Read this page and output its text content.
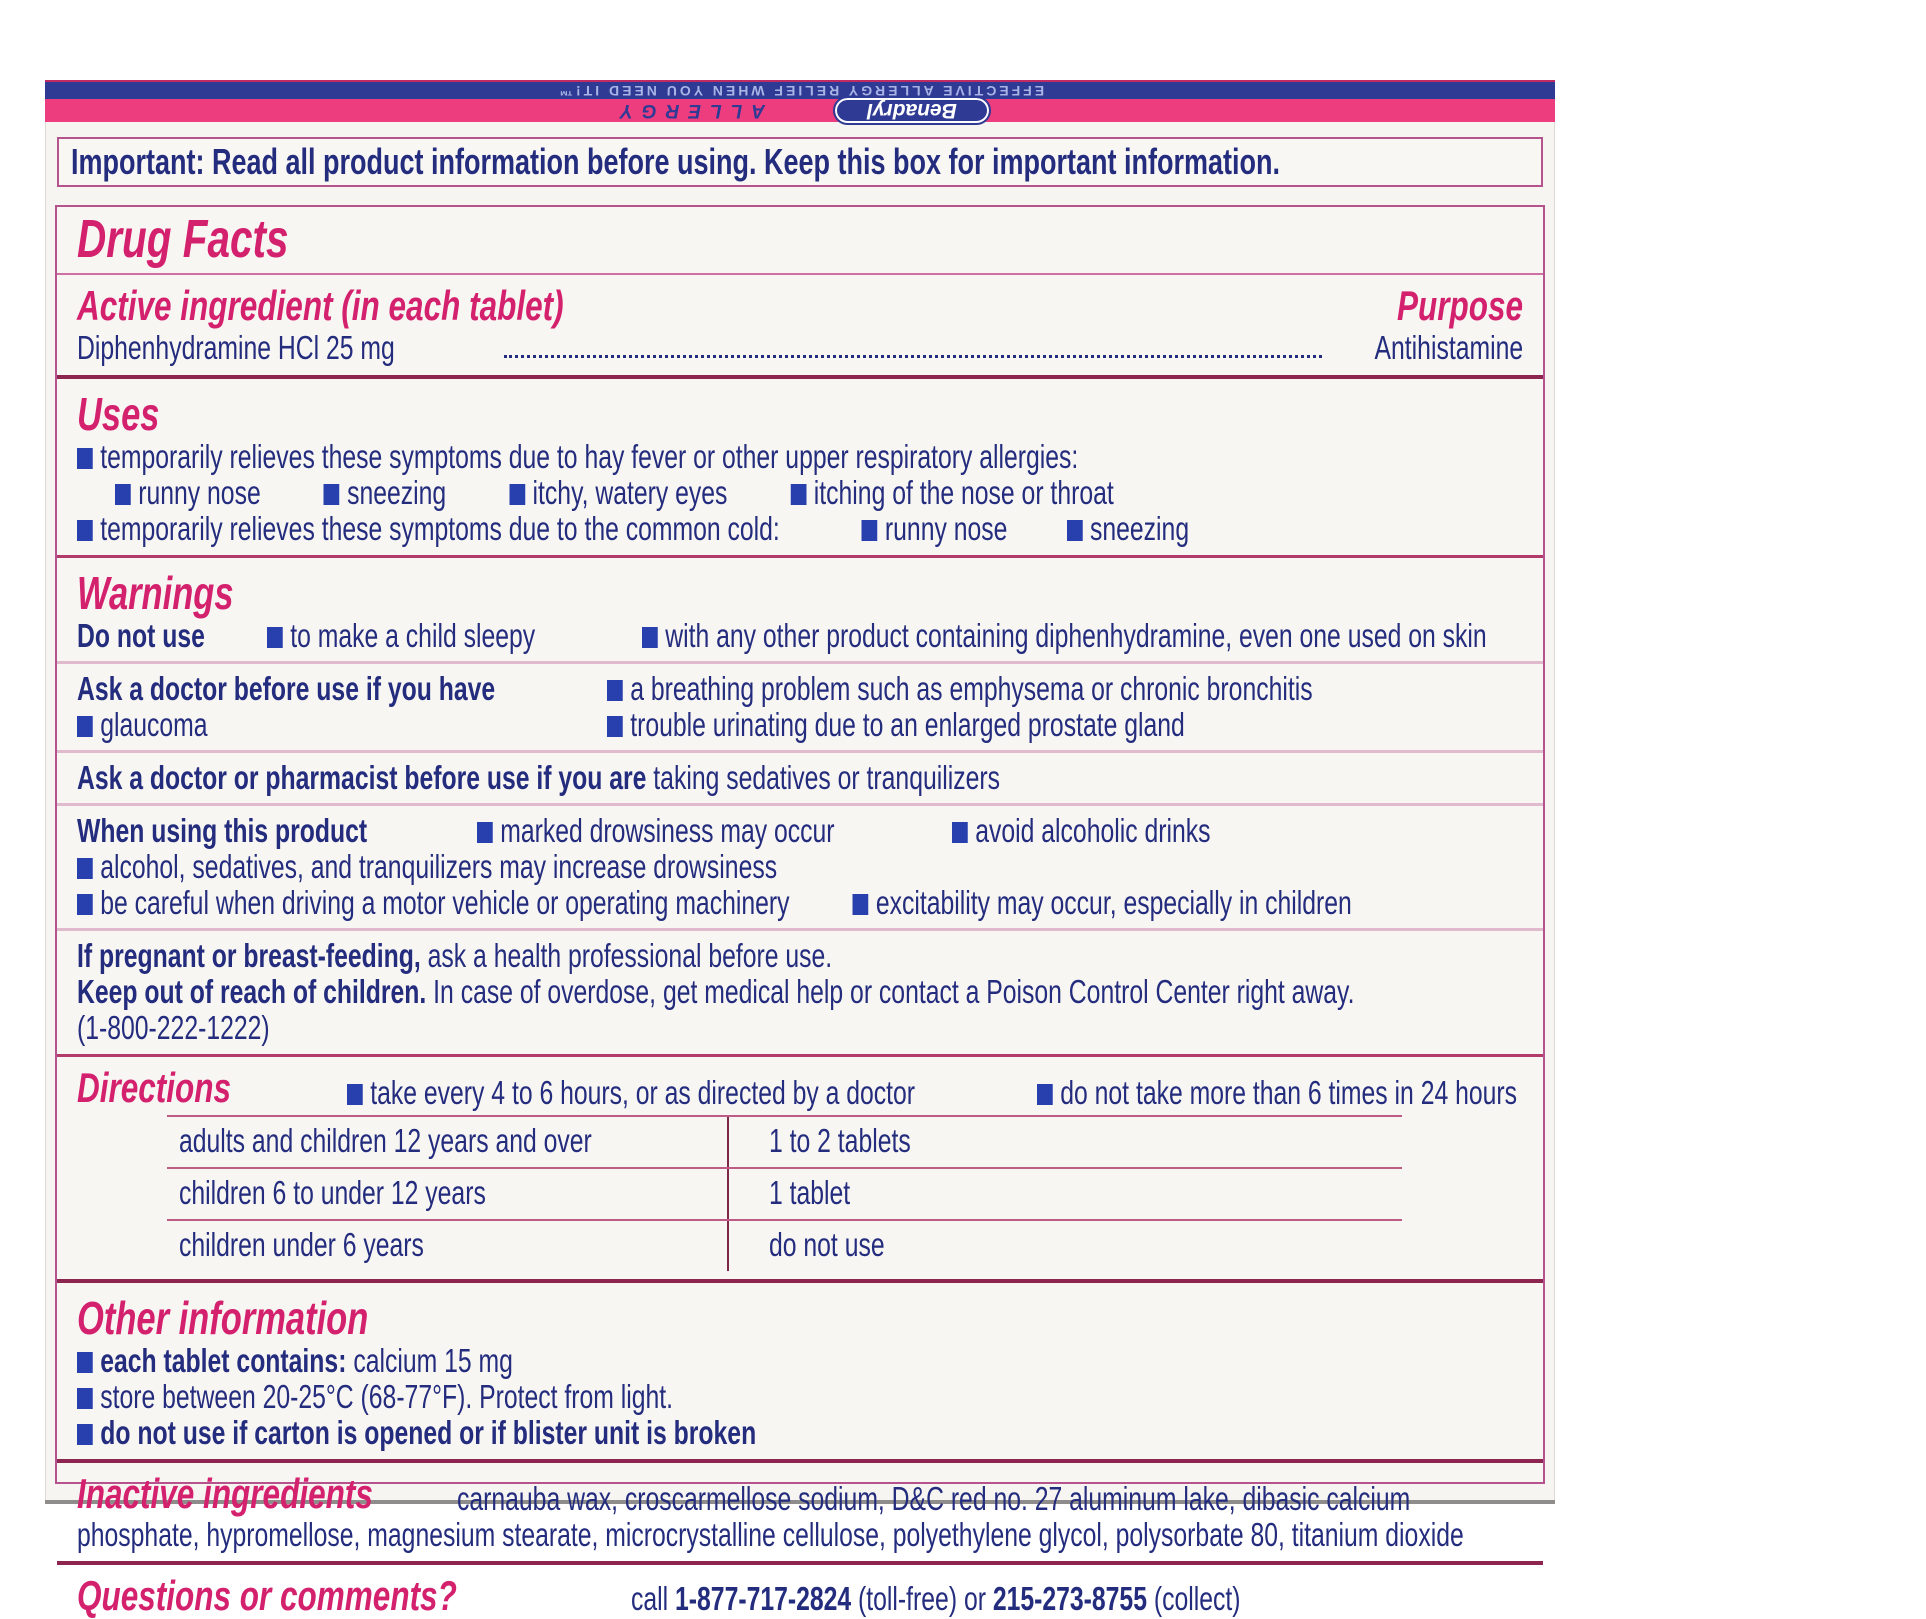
EFFECTIVE ALLERGY RELIEF WHEN YOU NEED IT!™
Benadryl
ALLERGY
Important: Read all product information before using. Keep this box for important information.
Drug Facts
Active ingredient (in each tablet)	Purpose
Diphenhydramine HCl 25 mg	Antihistamine
Uses
temporarily relieves these symptoms due to hay fever or other upper respiratory allergies:
runny nose	sneezing	itchy, watery eyes	itching of the nose or throat
temporarily relieves these symptoms due to the common cold:	runny nose	sneezing
Warnings
Do not use	to make a child sleepy	with any other product containing diphenhydramine, even one used on skin
Ask a doctor before use if you have	a breathing problem such as emphysema or chronic bronchitis
glaucoma	trouble urinating due to an enlarged prostate gland
Ask a doctor or pharmacist before use if you are taking sedatives or tranquilizers
When using this product	marked drowsiness may occur	avoid alcoholic drinks
alcohol, sedatives, and tranquilizers may increase drowsiness
be careful when driving a motor vehicle or operating machinery	excitability may occur, especially in children
If pregnant or breast-feeding, ask a health professional before use.
Keep out of reach of children. In case of overdose, get medical help or contact a Poison Control Center right away.
(1-800-222-1222)
Directions	take every 4 to 6 hours, or as directed by a doctor	do not take more than 6 times in 24 hours
adults and children 12 years and over	1 to 2 tablets
children 6 to under 12 years	1 tablet
children under 6 years	do not use
Other information
each tablet contains: calcium 15 mg
store between 20-25°C (68-77°F). Protect from light.
do not use if carton is opened or if blister unit is broken
Inactive ingredients	carnauba wax, croscarmellose sodium, D&C red no. 27 aluminum lake, dibasic calcium
phosphate, hypromellose, magnesium stearate, microcrystalline cellulose, polyethylene glycol, polysorbate 80, titanium dioxide
Questions or comments?	call 1-877-717-2824 (toll-free) or 215-273-8755 (collect)
